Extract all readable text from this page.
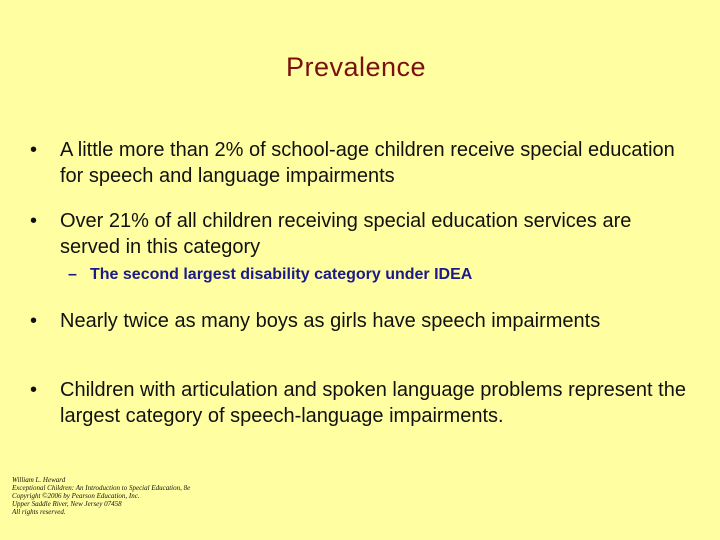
Prevalence
•	A little more than 2% of school-age children receive special education for speech and language impairments
•	Over 21% of all children receiving special education services are served in this category
– The second largest disability category under IDEA
•	Nearly twice as many boys as girls have speech impairments
•	Children with articulation and spoken language problems represent the largest category of speech-language impairments.
William L. Heward
Exceptional Children: An Introduction to Special Education, 8e
Copyright ©2006 by Pearson Education, Inc.
Upper Saddle River, New Jersey 07458
All rights reserved.
